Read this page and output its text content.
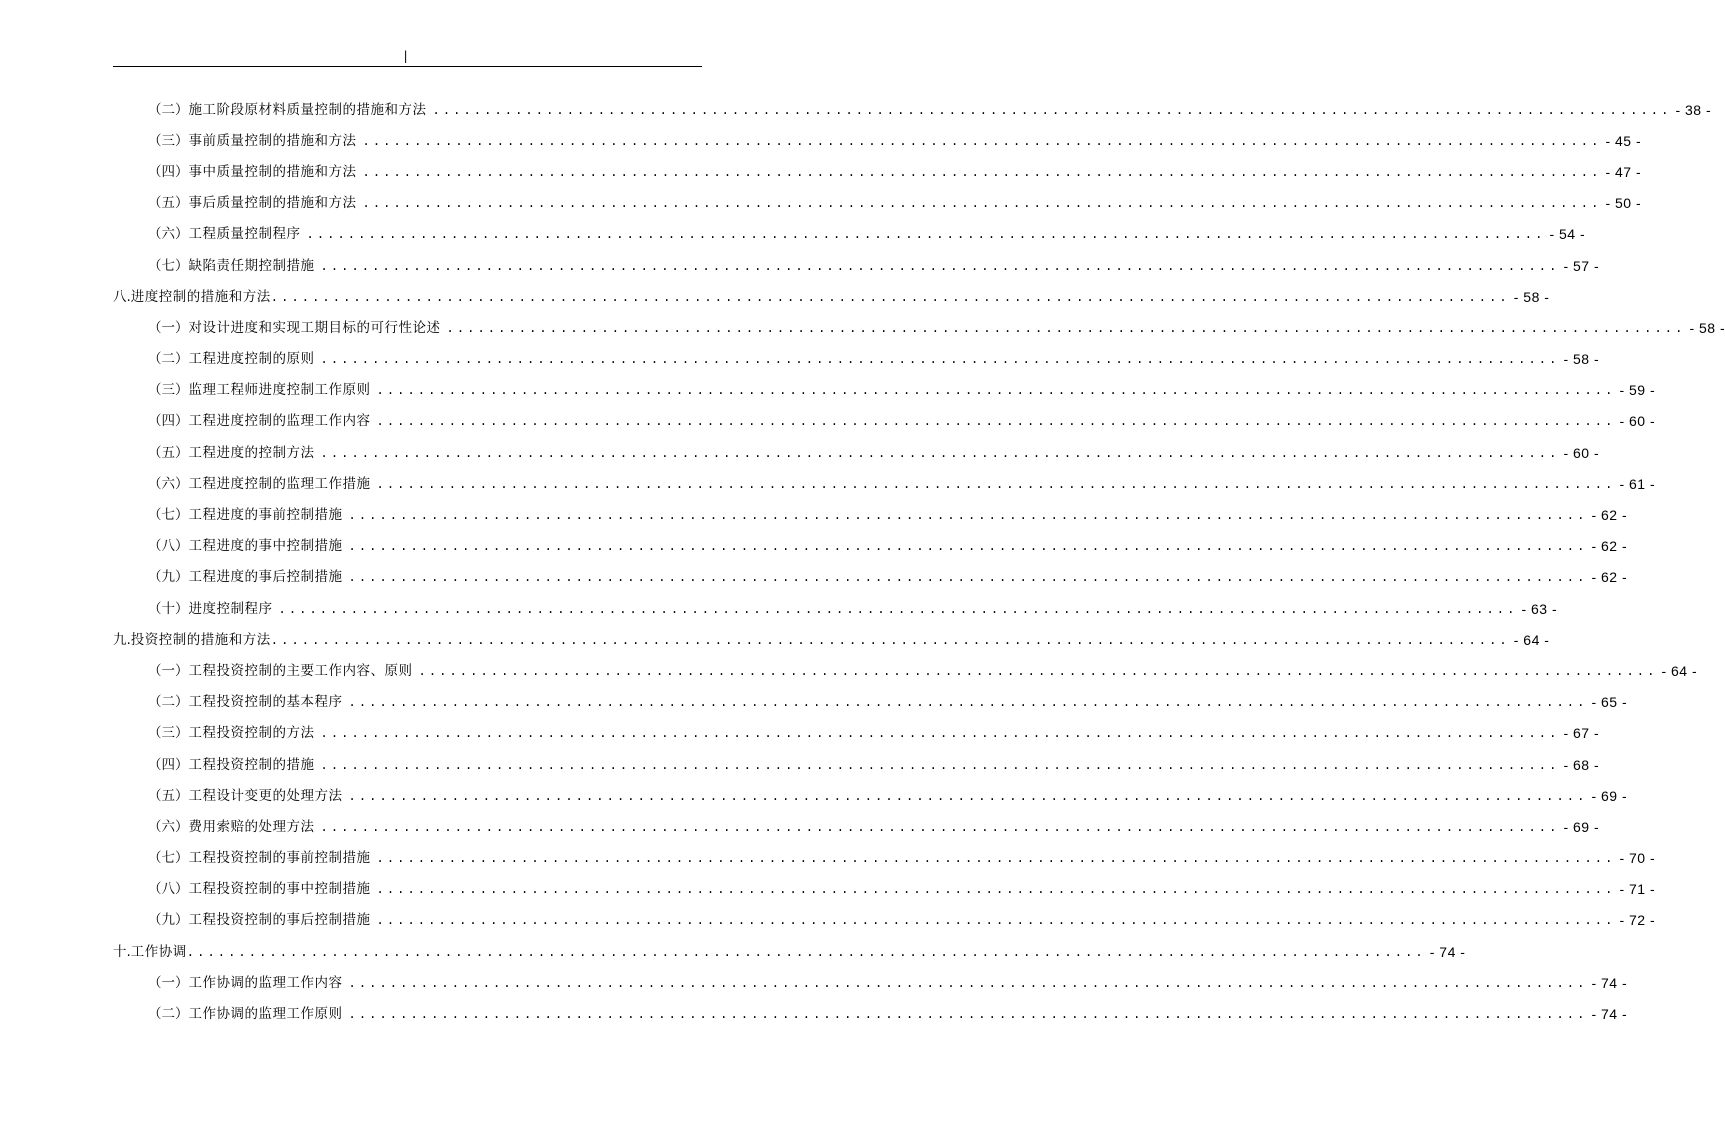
|
（二） 施工阶段原材料质量控制的措施和方法 ........................................................................................................................ - 38 -
（三） 事前质量控制的措施和方法 ........................................................................................................................ - 45 -
（四） 事中质量控制的措施和方法 ........................................................................................................................ - 47 -
（五） 事后质量控制的措施和方法 ........................................................................................................................ - 50 -
（六） 工程质量控制程序 ........................................................................................................................ - 54 -
（七） 缺陷责任期控制措施 ........................................................................................................................ - 57 -
八. 进度控制的措施和方法 ........................................................................................................................ - 58 -
（一） 对设计进度和实现工期目标的可行性论述 ........................................................................................................................ - 58 -
（二） 工程进度控制的原则 ........................................................................................................................ - 58 -
（三） 监理工程师进度控制工作原则 ........................................................................................................................ - 59 -
（四） 工程进度控制的监理工作内容 ........................................................................................................................ - 60 -
（五） 工程进度的控制方法 ........................................................................................................................ - 60 -
（六） 工程进度控制的监理工作措施 ........................................................................................................................ - 61 -
（七） 工程进度的事前控制措施 ........................................................................................................................ - 62 -
（八） 工程进度的事中控制措施 ........................................................................................................................ - 62 -
（九） 工程进度的事后控制措施 ........................................................................................................................ - 62 -
（十） 进度控制程序 ........................................................................................................................ - 63 -
九. 投资控制的措施和方法 ........................................................................................................................ - 64 -
（一） 工程投资控制的主要工作内容、原则 ........................................................................................................................ - 64 -
（二） 工程投资控制的基本程序 ........................................................................................................................ - 65 -
（三） 工程投资控制的方法 ........................................................................................................................ - 67 -
（四） 工程投资控制的措施 ........................................................................................................................ - 68 -
（五） 工程设计变更的处理方法 ........................................................................................................................ - 69 -
（六） 费用索赔的处理方法 ........................................................................................................................ - 69 -
（七） 工程投资控制的事前控制措施 ........................................................................................................................ - 70 -
（八） 工程投资控制的事中控制措施 ........................................................................................................................ - 71 -
（九） 工程投资控制的事后控制措施 ........................................................................................................................ - 72 -
十. 工作协调 ........................................................................................................................ - 74 -
（一） 工作协调的监理工作内容 ........................................................................................................................ - 74 -
（二） 工作协调的监理工作原则 ........................................................................................................................ - 74 -
